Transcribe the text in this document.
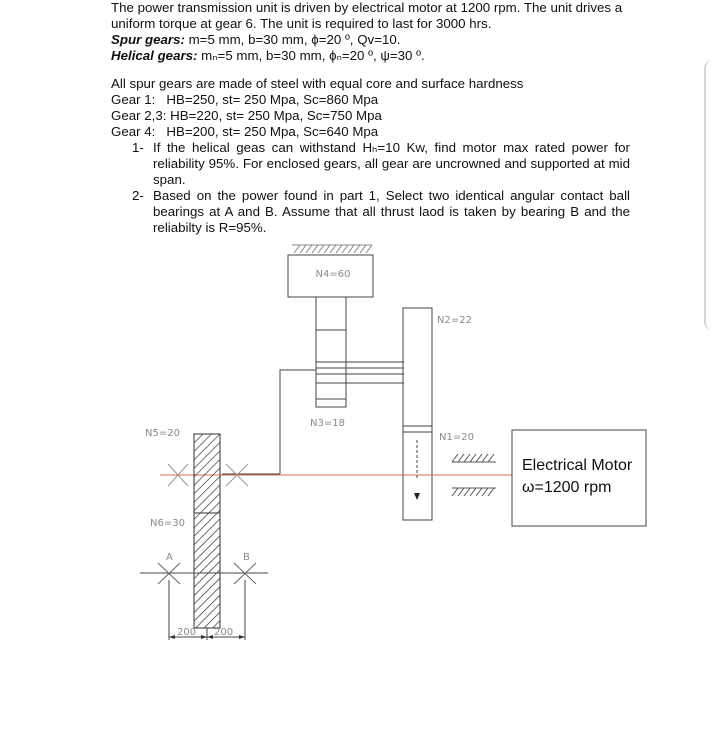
The power transmission unit is driven by electrical motor at 1200 rpm. The unit drives a
uniform torque at gear 6. The unit is required to last for 3000 hrs.
Spur gears: m=5 mm, b=30 mm, ϕ=20 º, Qv=10.
Helical gears: mₙ=5 mm, b=30 mm, ϕₙ=20 º, ψ=30 º.
All spur gears are made of steel with equal core and surface hardness
Gear 1:   HB=250, st= 250 Mpa, Sc=860 Mpa
Gear 2,3: HB=220, st= 250 Mpa, Sc=750 Mpa
Gear 4:   HB=200, st= 250 Mpa, Sc=640 Mpa
1- If the helical geas can withstand Hₕ=10 Kw, find motor max rated power for reliability 95%. For enclosed gears, all gear are uncrowned and supported at mid span.
2- Based on the power found in part 1, Select two identical angular contact ball bearings at A and B. Assume that all thrust laod is taken by bearing B and the reliabilty is R=95%.
N4=60
N2=22
N3=18
N1=20
Electrical Motor
ω=1200 rpm
N5=20
N6=30
A	B
200 200
